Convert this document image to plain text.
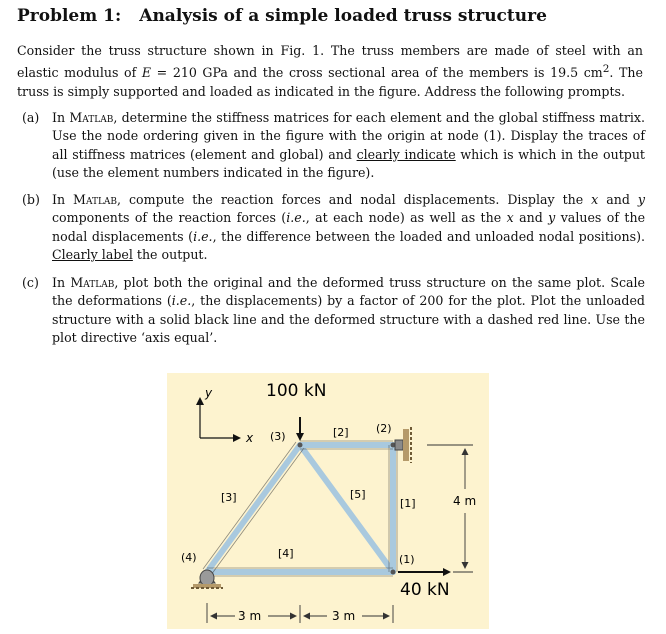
Problem 1: Analysis of a simple loaded truss structure
Consider the truss structure shown in Fig. 1. The truss members are made of steel with an elastic modulus of E = 210 GPa and the cross sectional area of the members is 19.5 $cm^2$. The truss is simply supported and loaded as indicated in the figure. Address the following prompts.
(a) In Matlab, determine the stiffness matrices for each element and the global stiffness matrix. Use the node ordering given in the figure with the origin at node (1). Display the traces of all stiffness matrices (element and global) and clearly indicate which is which in the output (use the element numbers indicated in the figure).
(b) In Matlab, compute the reaction forces and nodal displacements. Display the x and y components of the reaction forces (i.e., at each node) as well as the x and y values of the nodal displacements (i.e., the difference between the loaded and unloaded nodal positions). Clearly label the output.
(c) In Matlab, plot both the original and the deformed truss structure on the same plot. Scale the deformations (i.e., the displacements) by a factor of 200 for the plot. Plot the unloaded structure with a solid black line and the deformed structure with a dashed red line. Use the plot directive ‘axis equal’.
y
x
100 kN
40 kN
(3)
(2)
(1)
(4)
[2]
[3]	[5]
[1]
[4]
3 m	3 m
4 m
